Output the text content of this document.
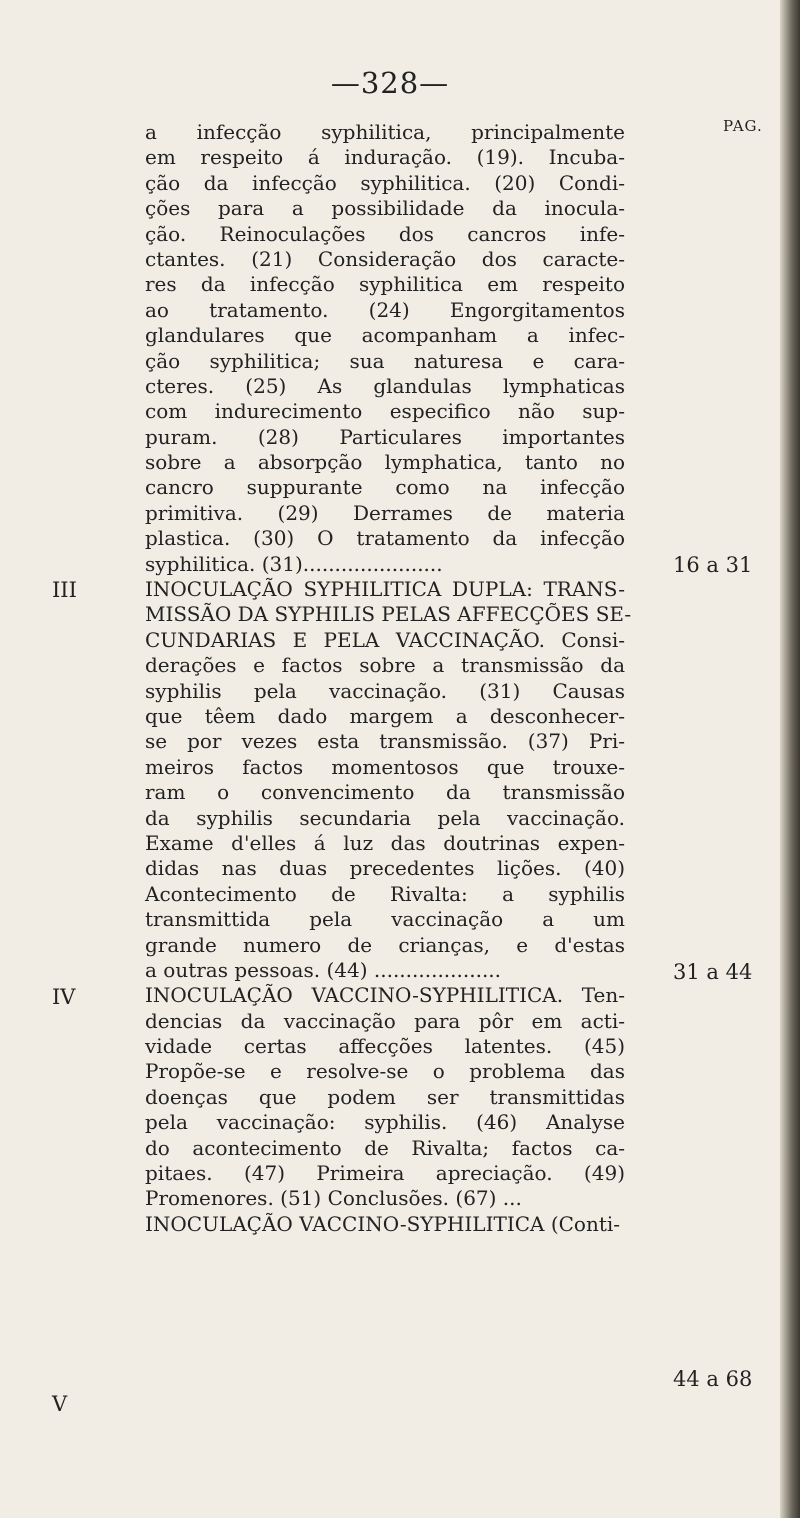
—328—
PAG.
a infecção syphilitica, principalmente
em respeito á induração. (19). Incuba-
ção da infecção syphilitica. (20) Condi-
ções para a possibilidade da inocula-
ção. Reinoculações dos cancros infe-
ctantes. (21) Consideração dos caracte-
res da infecção syphilitica em respeito
ao tratamento. (24) Engorgitamentos
glandulares que acompanham a infec-
ção syphilitica; sua naturesa e cara-
cteres. (25) As glandulas lymphaticas
com indurecimento especifico não sup-
puram. (28) Particulares importantes
sobre a absorpção lymphatica, tanto no
cancro suppurante como na infecção
primitiva. (29) Derrames de materia
plastica. (30) O tratamento da infecção
syphilitica. (31)......................
INOCULAÇÃO SYPHILITICA DUPLA: TRANS-
MISSÃO DA SYPHILIS PELAS AFFECÇÕES SE-
CUNDARIAS E PELA VACCINAÇÃO. Consi-
derações e factos sobre a transmissão da
syphilis pela vaccinação. (31) Causas
que têem dado margem a desconhecer-
se por vezes esta transmissão. (37) Pri-
meiros factos momentosos que trouxe-
ram o convencimento da transmissão
da syphilis secundaria pela vaccinação.
Exame d'elles á luz das doutrinas expen-
didas nas duas precedentes lições. (40)
Acontecimento de Rivalta: a syphilis
transmittida pela vaccinação a um
grande numero de crianças, e d'estas
a outras pessoas. (44) ....................
INOCULAÇÃO VACCINO-SYPHILITICA. Ten-
dencias da vaccinação para pôr em acti-
vidade certas affecções latentes. (45)
Propõe-se e resolve-se o problema das
doenças que podem ser transmittidas
pela vaccinação: syphilis. (46) Analyse
do acontecimento de Rivalta; factos ca-
pitaes. (47) Primeira apreciação. (49)
Promenores. (51) Conclusões. (67) ...
INOCULAÇÃO VACCINO-SYPHILITICA (Conti-
III
IV
V
16 a 31
31 a 44
44 a 68
